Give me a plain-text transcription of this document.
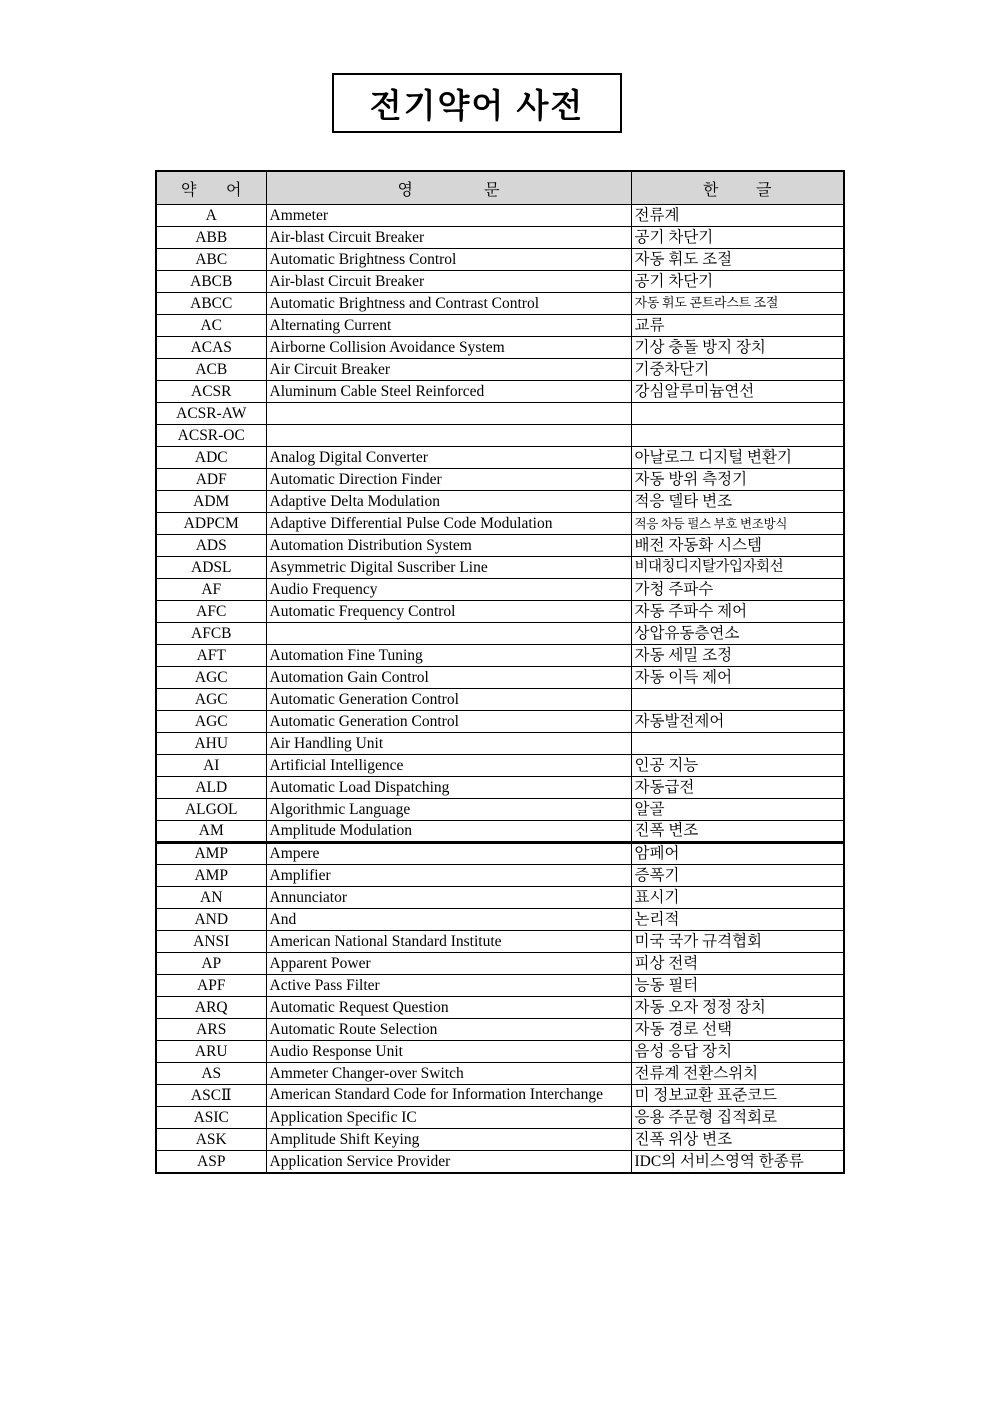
전기약어 사전
약 어	영 문	한 글
A	Ammeter	전류계
ABB	Air-blast Circuit Breaker	공기 차단기
ABC	Automatic Brightness Control	자동 휘도 조절
ABCB	Air-blast Circuit Breaker	공기 차단기
ABCC	Automatic Brightness and Contrast Control	자동 휘도 콘트라스트 조절
AC	Alternating Current	교류
ACAS	Airborne Collision Avoidance System	기상 충돌 방지 장치
ACB	Air Circuit Breaker	기중차단기
ACSR	Aluminum Cable Steel Reinforced	강심알루미늄연선
ACSR-AW		
ACSR-OC		
ADC	Analog Digital Converter	아날로그 디지털 변환기
ADF	Automatic Direction Finder	자동 방위 측정기
ADM	Adaptive Delta Modulation	적응 델타 변조
ADPCM	Adaptive Differential Pulse Code Modulation	적응 차등 펄스 부호 변조방식
ADS	Automation Distribution System	배전 자동화 시스템
ADSL	Asymmetric Digital Suscriber Line	비대칭디지탈가입자회선
AF	Audio Frequency	가청 주파수
AFC	Automatic Frequency Control	자동 주파수 제어
AFCB		상압유동층연소
AFT	Automation Fine Tuning	자동 세밀 조정
AGC	Automation Gain Control	자동 이득 제어
AGC	Automatic Generation Control	
AGC	Automatic Generation Control	자동발전제어
AHU	Air Handling Unit	
AI	Artificial Intelligence	인공 지능
ALD	Automatic Load Dispatching	자동급전
ALGOL	Algorithmic Language	알골
AM	Amplitude Modulation	진폭 변조
AMP	Ampere	암페어
AMP	Amplifier	증폭기
AN	Annunciator	표시기
AND	And	논리적
ANSI	American National Standard Institute	미국 국가 규격협회
AP	Apparent Power	피상 전력
APF	Active Pass Filter	능동 필터
ARQ	Automatic Request Question	자동 오자 정정 장치
ARS	Automatic Route Selection	자동 경로 선택
ARU	Audio Response Unit	음성 응답 장치
AS	Ammeter Changer-over Switch	전류계 전환스위치
ASCⅡ	American Standard Code for Information Interchange	미 정보교환 표준코드
ASIC	Application Specific IC	응용 주문형 집적회로
ASK	Amplitude Shift Keying	진폭 위상 변조
ASP	Application Service Provider	IDC의 서비스영역 한종류
